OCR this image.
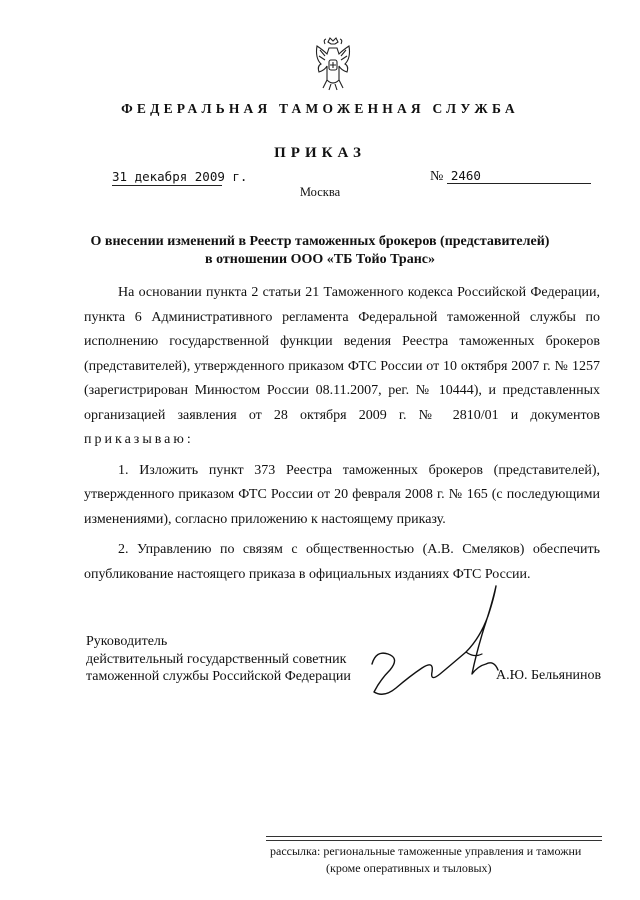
ФЕДЕРАЛЬНАЯ ТАМОЖЕННАЯ СЛУЖБА
ПРИКАЗ
31 декабря 2009 г.	№ 2460
Москва
О внесении изменений в Реестр таможенных брокеров (представителей)
в отношении ООО «ТБ Тойо Транс»

На основании пункта 2 статьи 21 Таможенного кодекса Российской Федерации, пункта 6 Административного регламента Федеральной таможенной службы по исполнению государственной функции ведения Реестра таможенных брокеров (представителей), утвержденного приказом ФТС России от 10 октября 2007 г. № 1257 (зарегистрирован Минюстом России 08.11.2007, рег. № 10444), и представленных организацией заявления от 28 октября 2009 г. № 2810/01 и документов приказываю:

1. Изложить пункт 373 Реестра таможенных брокеров (представителей), утвержденного приказом ФТС России от 20 февраля 2008 г. № 165 (с последующими изменениями), согласно приложению к настоящему приказу.

2. Управлению по связям с общественностью (А.В. Смеляков) обеспечить опубликование настоящего приказа в официальных изданиях ФТС России.

Руководитель
действительный государственный советник
таможенной службы Российской Федерации	А.Ю. Бельянинов
рассылка: региональные таможенные управления и таможни
(кроме оперативных и тыловых)
